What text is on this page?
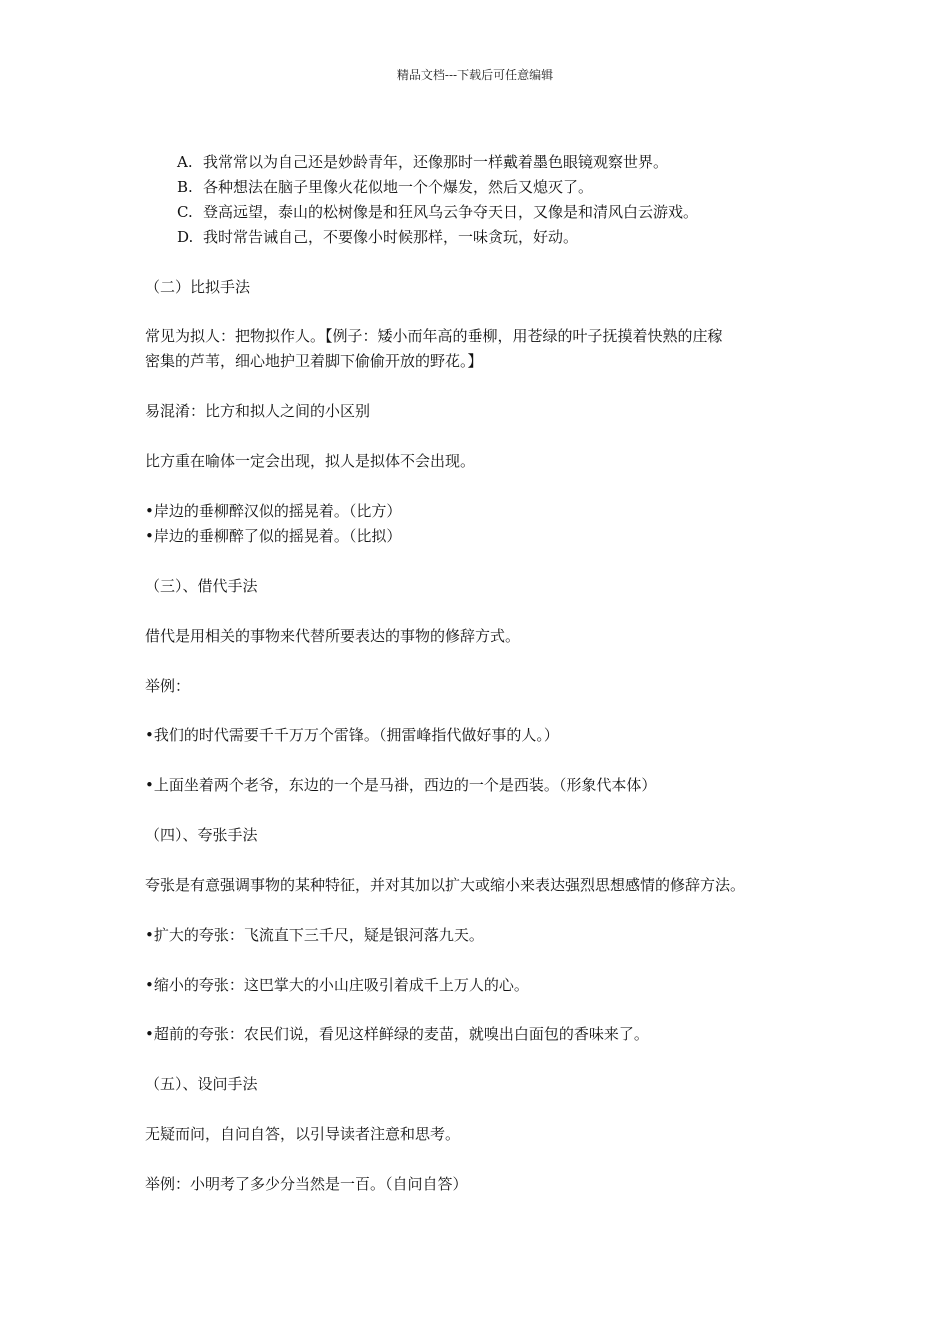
精品文档---下载后可任意编辑
A. 我常常以为自己还是妙龄青年，还像那时一样戴着墨色眼镜观察世界。
B. 各种想法在脑子里像火花似地一个个爆发，然后又熄灭了。
C. 登高远望，泰山的松树像是和狂风乌云争夺天日，又像是和清风白云游戏。
D. 我时常告诫自己，不要像小时候那样，一味贪玩，好动。
（二）比拟手法
常见为拟人：把物拟作人。【例子：矮小而年高的垂柳，用苍绿的叶子抚摸着快熟的庄稼
密集的芦苇，细心地护卫着脚下偷偷开放的野花。】
易混淆：比方和拟人之间的小区别
比方重在喻体一定会出现，拟人是拟体不会出现。
•岸边的垂柳醉汉似的摇晃着。（比方）
•岸边的垂柳醉了似的摇晃着。（比拟）
（三）、借代手法
借代是用相关的事物来代替所要表达的事物的修辞方式。
举例：
•我们的时代需要千千万万个雷锋。（拥雷峰指代做好事的人。）
•上面坐着两个老爷，东边的一个是马褂，西边的一个是西装。（形象代本体）
（四）、夸张手法
夸张是有意强调事物的某种特征，并对其加以扩大或缩小来表达强烈思想感情的修辞方法。
•扩大的夸张：飞流直下三千尺，疑是银河落九天。
•缩小的夸张：这巴掌大的小山庄吸引着成千上万人的心。
•超前的夸张：农民们说，看见这样鲜绿的麦苗，就嗅出白面包的香味来了。
（五）、设问手法
无疑而问，自问自答，以引导读者注意和思考。
举例：小明考了多少分当然是一百。（自问自答）
